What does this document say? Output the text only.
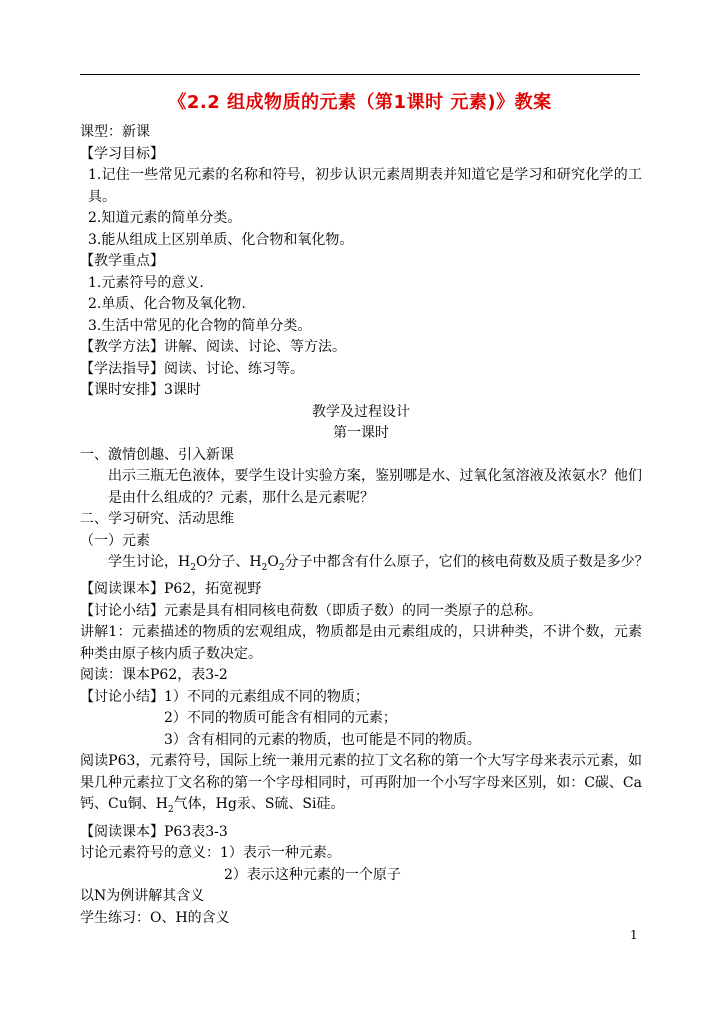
《2.2 组成物质的元素（第1课时 元素)》教案

课型：新课

【学习目标】

1.记住一些常见元素的名称和符号，初步认识元素周期表并知道它是学习和研究化学的工具。

2.知道元素的简单分类。

3.能从组成上区别单质、化合物和氧化物。

【教学重点】

1.元素符号的意义.

2.单质、化合物及氧化物.

3.生活中常见的化合物的简单分类。

【教学方法】讲解、阅读、讨论、等方法。

【学法指导】阅读、讨论、练习等。

【课时安排】3课时

教学及过程设计

第一课时

一、激情创趣、引入新课

出示三瓶无色液体，要学生设计实验方案，鉴别哪是水、过氧化氢溶液及浓氨水？他们是由什么组成的？元素，那什么是元素呢？

二、学习研究、活动思维

（一）元素

学生讨论，$H_2O$分子、$H_2O_2$分子中都含有什么原子，它们的核电荷数及质子数是多少？

【阅读课本】P62，拓宽视野

【讨论小结】元素是具有相同核电荷数（即质子数）的同一类原子的总称。

讲解1：元素描述的物质的宏观组成，物质都是由元素组成的，只讲种类，不讲个数，元素种类由原子核内质子数决定。

阅读：课本P62，表3-2

【讨论小结】1）不同的元素组成不同的物质；

2）不同的物质可能含有相同的元素；

3）含有相同的元素的物质，也可能是不同的物质。

阅读P63，元素符号，国际上统一兼用元素的拉丁文名称的第一个大写字母来表示元素，如果几种元素拉丁文名称的第一个字母相同时，可再附加一个小写字母来区别，如：C碳、Ca钙、Cu铜、$H_2$气体，Hg汞、S硫、Si硅。

【阅读课本】P63表3-3

讨论元素符号的意义：1）表示一种元素。

2）表示这种元素的一个原子

以N为例讲解其含义

学生练习：O、H的含义

1
